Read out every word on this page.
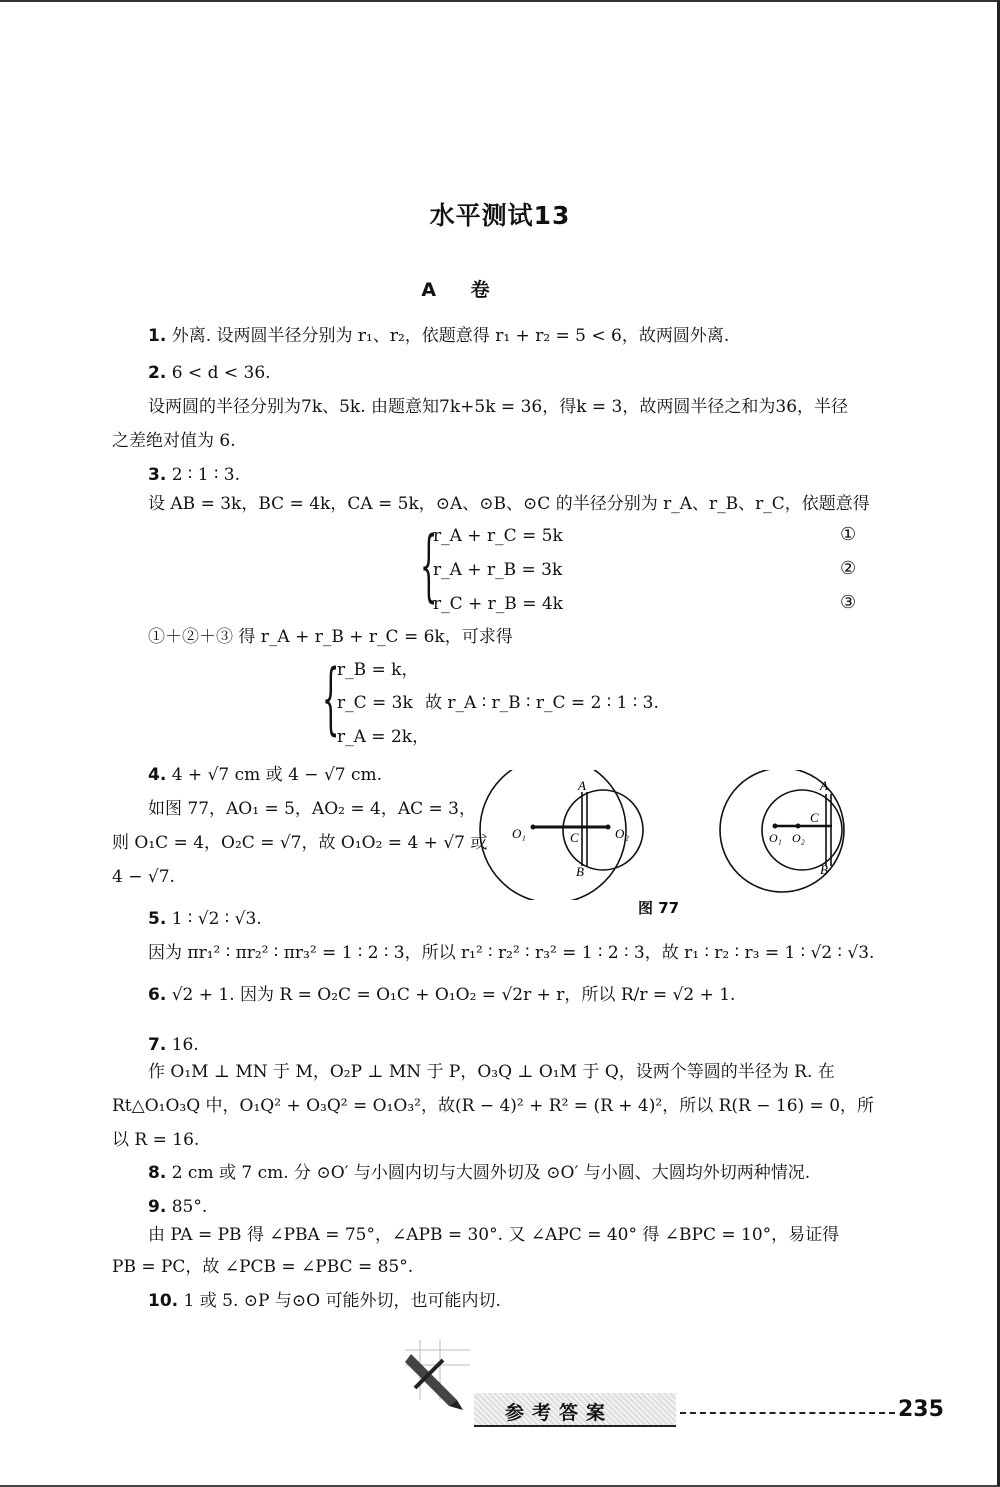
水平测试13
A 卷
1. 外离. 设两圆半径分别为 r₁、r₂，依题意得 r₁ + r₂ = 5 < 6，故两圆外离.
2. 6 < d < 36.
设两圆的半径分别为7k、5k. 由题意知7k+5k = 36，得k = 3，故两圆半径之和为36，半径
之差绝对值为 6.
3. 2 ∶ 1 ∶ 3.
设 AB = 3k，BC = 4k，CA = 5k，⊙A、⊙B、⊙C 的半径分别为 r_A、r_B、r_C，依题意得
{
r_A + r_C = 5k
r_A + r_B = 3k
r_C + r_B = 4k
①
②
③
①＋②＋③ 得 r_A + r_B + r_C = 6k，可求得
{
r_B = k，
r_C = 3k 故 r_A ∶ r_B ∶ r_C = 2 ∶ 1 ∶ 3.
r_A = 2k，
4. 4 + √7 cm 或 4 − √7 cm.
如图 77，AO₁ = 5，AO₂ = 4，AC = 3，
则 O₁C = 4，O₂C = √7，故 O₁O₂ = 4 + √7 或
4 − √7.
A
B
C
O₁	O₂
A
B
C
O₁ O₂
图 77
5. 1 ∶ √2 ∶ √3.
因为 πr₁² ∶ πr₂² ∶ πr₃² = 1 ∶ 2 ∶ 3，所以 r₁² ∶ r₂² ∶ r₃² = 1 ∶ 2 ∶ 3，故 r₁ ∶ r₂ ∶ r₃ = 1 ∶ √2 ∶ √3.
6. √2 + 1. 因为 R = O₂C = O₁C + O₁O₂ = √2r + r，所以 R/r = √2 + 1.
7. 16.
作 O₁M ⊥ MN 于 M，O₂P ⊥ MN 于 P，O₃Q ⊥ O₁M 于 Q，设两个等圆的半径为 R. 在
Rt△O₁O₃Q 中，O₁Q² + O₃Q² = O₁O₃²，故(R − 4)² + R² = (R + 4)²，所以 R(R − 16) = 0，所
以 R = 16.
8. 2 cm 或 7 cm. 分 ⊙O′ 与小圆内切与大圆外切及 ⊙O′ 与小圆、大圆均外切两种情况.
9. 85°.
由 PA = PB 得 ∠PBA = 75°，∠APB = 30°. 又 ∠APC = 40° 得 ∠BPC = 10°，易证得
PB = PC，故 ∠PCB = ∠PBC = 85°.
10. 1 或 5. ⊙P 与⊙O 可能外切，也可能内切.
参考答案	235
